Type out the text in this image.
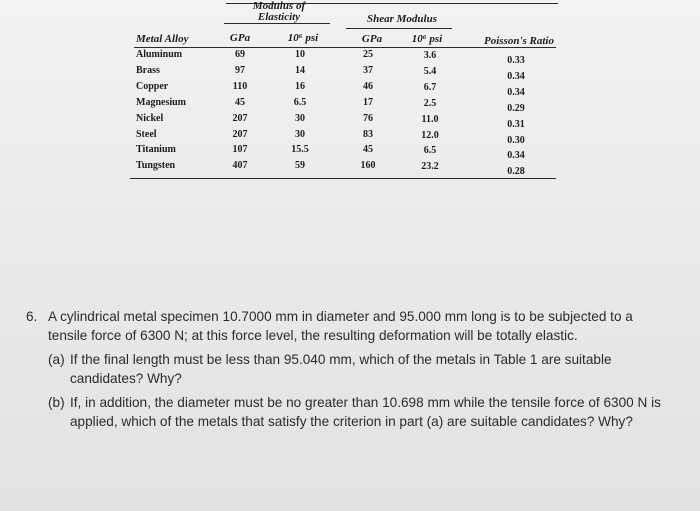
Modulus of Elasticity	Shear Modulus
Metal Alloy	GPa	10⁶ psi	GPa	10⁶ psi	Poisson's Ratio
Aluminum	69	10	25	3.6	0.33
Brass	97	14	37	5.4	0.34
Copper	110	16	46	6.7	0.34
Magnesium	45	6.5	17	2.5	0.29
Nickel	207	30	76	11.0	0.31
Steel	207	30	83	12.0	0.30
Titanium	107	15.5	45	6.5	0.34
Tungsten	407	59	160	23.2	0.28
6. A cylindrical metal specimen 10.7000 mm in diameter and 95.000 mm long is to be subjected to a tensile force of 6300 N; at this force level, the resulting deformation will be totally elastic.
(a) If the final length must be less than 95.040 mm, which of the metals in Table 1 are suitable candidates? Why?
(b) If, in addition, the diameter must be no greater than 10.698 mm while the tensile force of 6300 N is applied, which of the metals that satisfy the criterion in part (a) are suitable candidates? Why?
